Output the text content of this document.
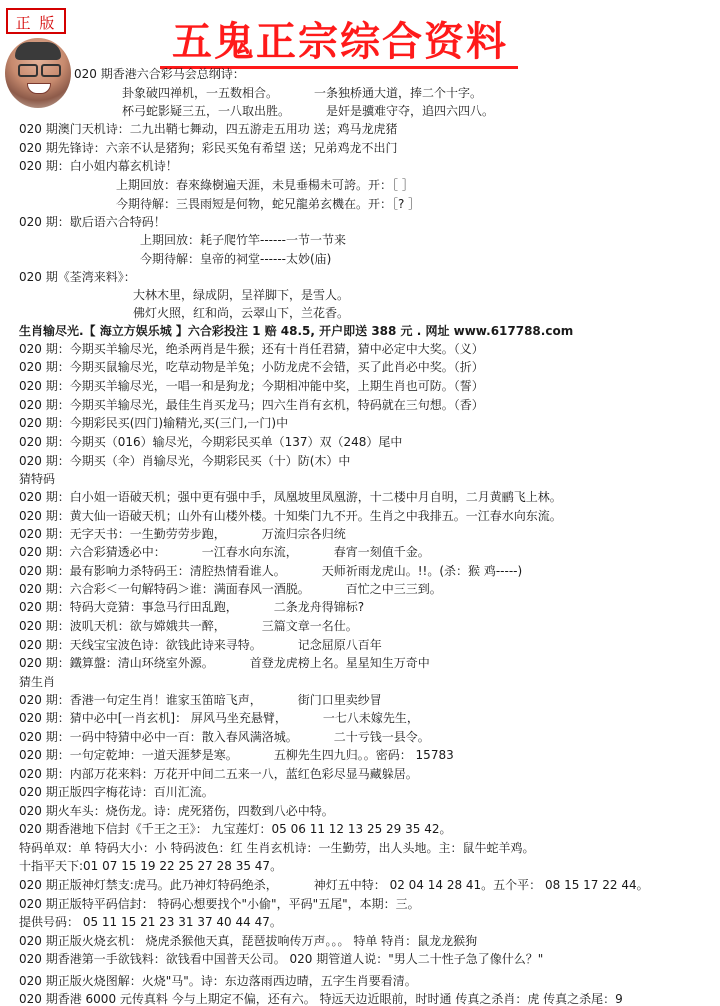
正 版	五鬼正宗综合资料
020 期香港六合彩马会总纲诗：
卦象破四禅机，一五数相合。	一条独桥通大道，捧二个十字。
杯弓蛇影疑三五，一八取出胜。	是奸是骥难守夺，追四六四八。
020 期澳门天机诗：二九出鞘七舞动，四五游走五用功 送；鸡马龙虎猪
020 期先锋诗：六亲不认是猪狗；彩民买兔有希望 送；兄弟鸡龙不出门
020 期：白小姐内幕玄机诗！
上期回放：春來綠樹遍天涯，未見垂楊未可誇。开：［ ］
今期待解：三畏雨短是何物，蛇兄龍弟玄機在。开：［? ］
020 期：歇后语六合特码！
上期回放：耗子爬竹竿------一节一节来
今期待解：皇帝的祠堂------太妙(庙)
020 期《荃湾来料》：
大林木里，绿成阴，呈祥脚下，是雪人。
佛灯火照，红和尚，云翠山下，兰花香。
生肖输尽光.【 海立方娱乐城 】六合彩投注 1 赔 48.5, 开户即送 388 元 . 网址 www.617788.com
020 期：今期买羊输尽光，绝杀两肖是牛猴；还有十肖任君猜，猜中必定中大奖。（义）
020 期：今期买鼠输尽光，吃草动物是羊兔；小防龙虎不会错，买了此肖必中奖。（折）
020 期：今期买羊输尽光，一唱一和是狗龙；今期相冲能中奖，上期生肖也可防。（誓）
020 期：今期买羊输尽光，最佳生肖买龙马；四六生肖有玄机，特码就在三句想。（香）
020 期：今期彩民买(四门)输精光,买(三门,一门)中
020 期：今期买（016）输尽光，今期彩民买单（137）双（248）尾中
020 期：今期买（伞）肖输尽光，今期彩民买（十）防(木）中
猜特码
020 期：白小姐一语破天机；强中更有强中手，凤凰坡里凤凰游，十二楼中月自明，二月黄鹂飞上林。
020 期：黄大仙一语破天机；山外有山楼外楼。十知柴门九不开。生肖之中我排五。一江春水向东流。
020 期：无字天书：一生勤劳劳步跑，	万流归宗各归统
020 期：六合彩猜透必中：	一江春水向东流，	春宵一刻值千金。
020 期：最有影响力杀特码王：清腔热情看谁人。	天师祈雨龙虎山。!!。(杀：猴 鸡-----)
020 期：六合彩＜一句解特码＞谁：满面春风一酒脱。	百忙之中三三到。
020 期：特码大竞猜：事急马行田乱跑，	二条龙舟得锦标?
020 期：波叽天机：欲与嫦娥共一醉，	三篇文章一名仕。
020 期：天线宝宝波色诗：欲钱此诗来寻特。	记念屈原八百年
020 期：鐵算盤：清山环绕室外源。	首登龙虎榜上名。星星知生万奇中
猜生肖
020 期：香港一句定生肖！谁家玉笛暗飞声，	街门口里卖纱冒
020 期：猜中必中[一肖玄机]： 屏风马坐充悬臂，	一七八未嫁先生，
020 期：一码中特猜中必中一百：散入春风满洛城。	二十亏钱一县令。
020 期：一句定乾坤：一道天涯梦是寒。	五柳先生四九归。。密码： 15783
020 期：内部万花来料：万花开中间二五来一八，蓝红色彩尽显马藏躲居。
020 期正版四字梅花诗：百川汇流。
020 期火车头：烧伤龙。诗：虎死猪伤，四数到八必中特。
020 期香港地下信封《千王之王》： 九宝莲灯：05 06 11 12 13 25 29 35 42。
特码单双：单 特码大小：小 特码波色：红 生肖玄机诗：一生勤劳，出人头地。主：鼠牛蛇羊鸡。
十指平天下:01 07 15 19 22 25 27 28 35 47。
020 期正版神灯禁支:虎马。此乃神灯特码绝杀，	神灯五中特： 02 04 14 28 41。五个平： 08 15 17 22 44。
020 期正版特平码信封： 特码心想要找个"小偷"，平码"五尾"，本期：三。
提供号码： 05 11 15 21 23 31 37 40 44 47。
020 期正版火烧玄机： 烧虎杀猴他天真，琵琶拔响传万声。。。 特单 特肖：鼠龙龙猴狗
020 期香港第一手欲钱料：欲钱看中国普天公司。 020 期管道人说："男人二十性子急了像什么？"
020 期正版火烧图解：火烧"马"。诗：东边落雨西边晴，五字生肖要看清。
020 期香港 6000 元传真料 今与上期定不偏，还有六。 特远天边近眼前，时时通 传真之杀肖：虎 传真之杀尾：9
